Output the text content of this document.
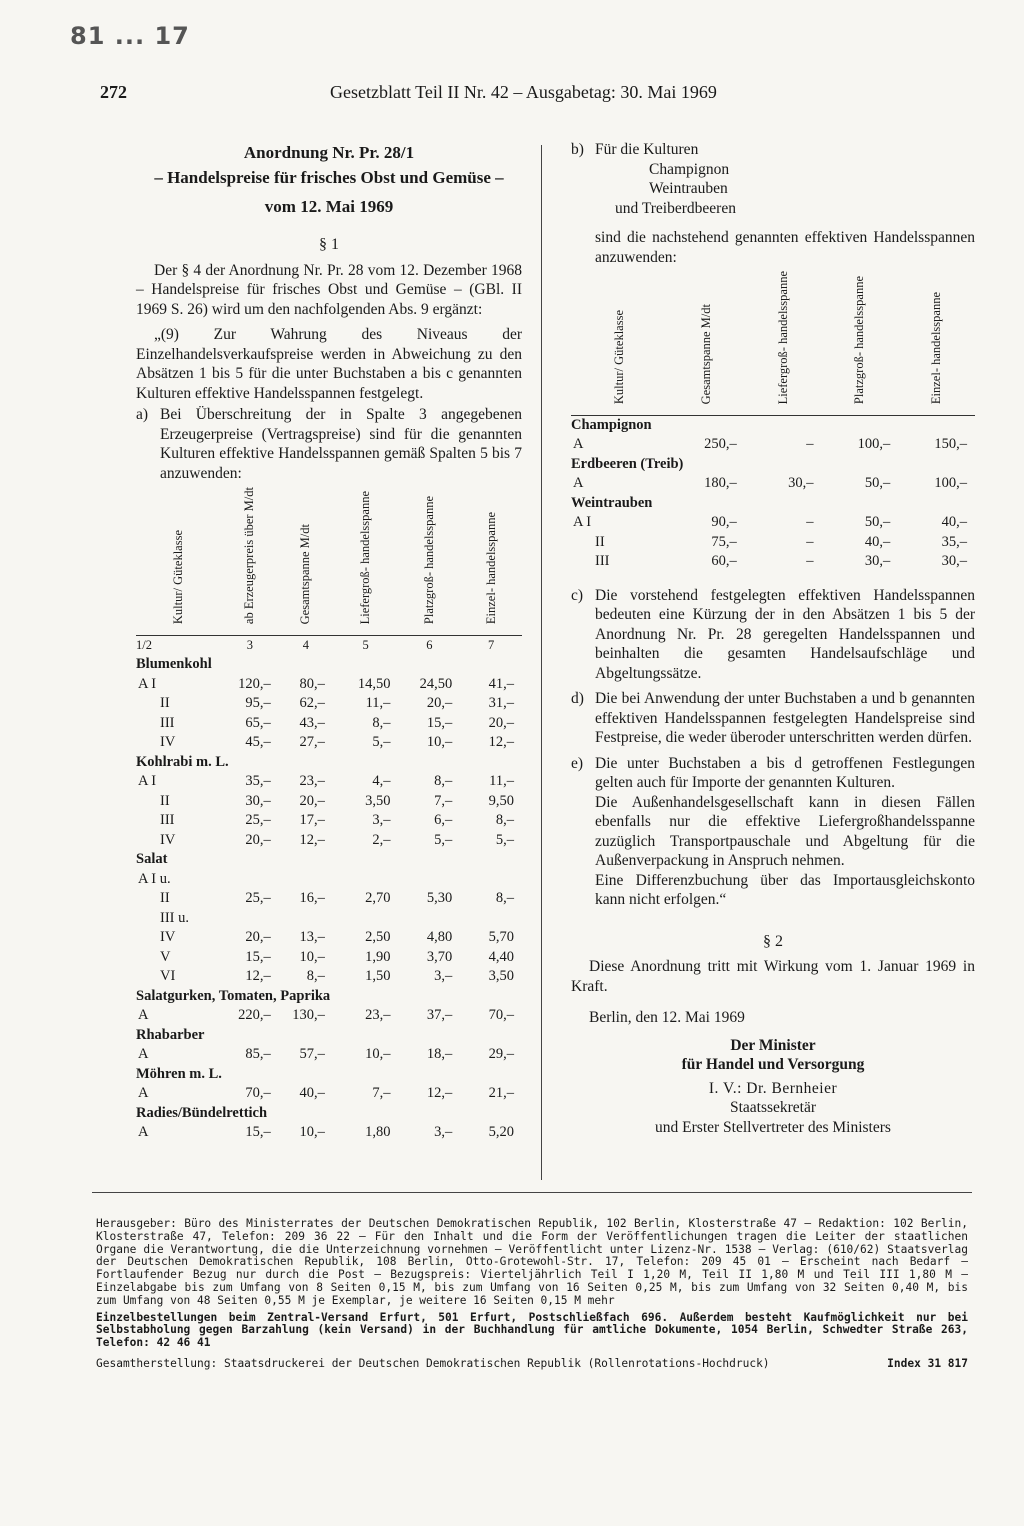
81 ... 17
272	Gesetzblatt Teil II Nr. 42 – Ausgabetag: 30. Mai 1969
Anordnung Nr. Pr. 28/1
– Handelspreise für frisches Obst und Gemüse –
vom 12. Mai 1969
§ 1

Der § 4 der Anordnung Nr. Pr. 28 vom 12. Dezember 1968 – Handelspreise für frisches Obst und Gemüse – (GBl. II 1969 S. 26) wird um den nachfolgenden Abs. 9 ergänzt:

„(9) Zur Wahrung des Niveaus der Einzelhandelsverkaufspreise werden in Abweichung zu den Absätzen 1 bis 5 für die unter Buchstaben a bis c genannten Kulturen effektive Handelsspannen festgelegt.

a) Bei Überschreitung der in Spalte 3 angegebenen Erzeugerpreise (Vertragspreise) sind für die genannten Kulturen effektive Handelsspannen gemäß Spalten 5 bis 7 anzuwenden:
Kultur/ Güteklasse	ab Erzeugerpreis über M/dt	Gesamtspanne M/dt	Liefergroß- handelsspanne	Platzgroß- handelsspanne	Einzel- handelsspanne
1/2	3	4	5	6	7
Blumenkohl					
A I	120,–	80,–	14,50	24,50	41,–
II	95,–	62,–	11,–	20,–	31,–
III	65,–	43,–	8,–	15,–	20,–
IV	45,–	27,–	5,–	10,–	12,–
Kohlrabi m. L.					
A I	35,–	23,–	4,–	8,–	11,–
II	30,–	20,–	3,50	7,–	9,50
III	25,–	17,–	3,–	6,–	8,–
IV	20,–	12,–	2,–	5,–	5,–
Salat					
A I u.					
II	25,–	16,–	2,70	5,30	8,–
III u.					
IV	20,–	13,–	2,50	4,80	5,70
V	15,–	10,–	1,90	3,70	4,40
VI	12,–	8,–	1,50	3,–	3,50
Salatgurken, Tomaten, Paprika					
A	220,–	130,–	23,–	37,–	70,–
Rhabarber					
A	85,–	57,–	10,–	18,–	29,–
Möhren m. L.					
A	70,–	40,–	7,–	12,–	21,–
Radies/Bündelrettich					
A	15,–	10,–	1,80	3,–	5,20
b) Für die Kulturen
Champignon
Weintrauben
und Treiberdbeeren

sind die nachstehend genannten effektiven Handelsspannen anzuwenden:

Kultur/ Güteklasse	Gesamtspanne M/dt	Liefergroß- handelsspanne	Platzgroß- handelsspanne	Einzel- handelsspanne
Champignon				
A	250,–	–	100,–	150,–
Erdbeeren (Treib)				
A	180,–	30,–	50,–	100,–
Weintrauben				
A I	90,–	–	50,–	40,–
II	75,–	–	40,–	35,–
III	60,–	–	30,–	30,–
c) Die vorstehend festgelegten effektiven Handelsspannen bedeuten eine Kürzung der in den Absätzen 1 bis 5 der Anordnung Nr. Pr. 28 geregelten Handelsspannen und beinhalten die gesamten Handelsaufschläge und Abgeltungssätze.
d) Die bei Anwendung der unter Buchstaben a und b genannten effektiven Handelsspannen festgelegten Handelspreise sind Festpreise, die weder überoder unterschritten werden dürfen.
e) Die unter Buchstaben a bis d getroffenen Festlegungen gelten auch für Importe der genannten Kulturen.

Die Außenhandelsgesellschaft kann in diesen Fällen ebenfalls nur die effektive Liefergroßhandelsspanne zuzüglich Transportpauschale und Abgeltung für die Außenverpackung in Anspruch nehmen.

Eine Differenzbuchung über das Importausgleichskonto kann nicht erfolgen.“

§ 2

Diese Anordnung tritt mit Wirkung vom 1. Januar 1969 in Kraft.

Berlin, den 12. Mai 1969

Der Minister
für Handel und Versorgung
I. V.: Dr. Bernheier
Staatssekretär
und Erster Stellvertreter des Ministers
Herausgeber: Büro des Ministerrates der Deutschen Demokratischen Republik, 102 Berlin, Klosterstraße 47 – Redaktion: 102 Berlin, Klosterstraße 47, Telefon: 209 36 22 – Für den Inhalt und die Form der Veröffentlichungen tragen die Leiter der staatlichen Organe die Verantwortung, die die Unterzeichnung vornehmen – Veröffentlicht unter Lizenz-Nr. 1538 – Verlag: (610/62) Staatsverlag der Deutschen Demokratischen Republik, 108 Berlin, Otto-Grotewohl-Str. 17, Telefon: 209 45 01 – Erscheint nach Bedarf – Fortlaufender Bezug nur durch die Post – Bezugspreis: Vierteljährlich Teil I 1,20 M, Teil II 1,80 M und Teil III 1,80 M – Einzelabgabe bis zum Umfang von 8 Seiten 0,15 M, bis zum Umfang von 16 Seiten 0,25 M, bis zum Umfang von 32 Seiten 0,40 M, bis zum Umfang von 48 Seiten 0,55 M je Exemplar, je weitere 16 Seiten 0,15 M mehr
Einzelbestellungen beim Zentral-Versand Erfurt, 501 Erfurt, Postschließfach 696. Außerdem besteht Kaufmöglichkeit nur bei Selbstabholung gegen Barzahlung (kein Versand) in der Buchhandlung für amtliche Dokumente, 1054 Berlin, Schwedter Straße 263, Telefon: 42 46 41
Gesamtherstellung: Staatsdruckerei der Deutschen Demokratischen Republik (Rollenrotations-Hochdruck)	Index 31 817
